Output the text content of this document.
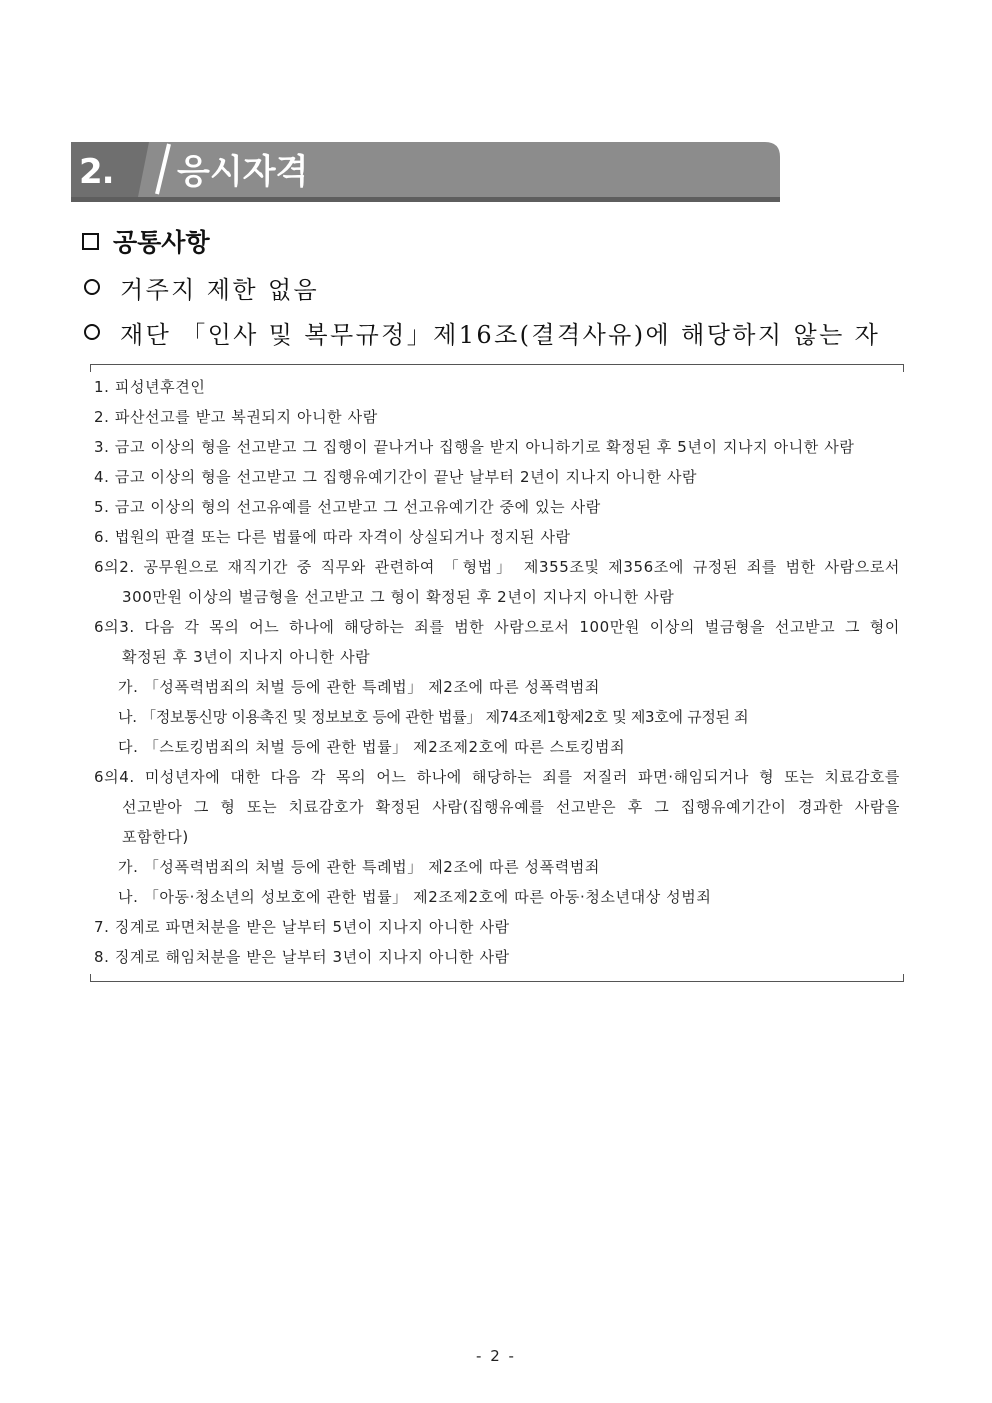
2. 응시자격
공통사항
거주지 제한 없음
재단 「인사 및 복무규정」제16조(결격사유)에 해당하지 않는 자
1. 피성년후견인
2. 파산선고를 받고 복권되지 아니한 사람
3. 금고 이상의 형을 선고받고 그 집행이 끝나거나 집행을 받지 아니하기로 확정된 후 5년이 지나지 아니한 사람
4. 금고 이상의 형을 선고받고 그 집행유예기간이 끝난 날부터 2년이 지나지 아니한 사람
5. 금고 이상의 형의 선고유예를 선고받고 그 선고유예기간 중에 있는 사람
6. 법원의 판결 또는 다른 법률에 따라 자격이 상실되거나 정지된 사람
6의2. 공무원으로 재직기간 중 직무와 관련하여 「형법」 제355조및 제356조에 규정된 죄를 범한 사람으로서
300만원 이상의 벌금형을 선고받고 그 형이 확정된 후 2년이 지나지 아니한 사람
6의3. 다음 각 목의 어느 하나에 해당하는 죄를 범한 사람으로서 100만원 이상의 벌금형을 선고받고 그 형이
확정된 후 3년이 지나지 아니한 사람
가. 「성폭력범죄의 처벌 등에 관한 특례법」 제2조에 따른 성폭력범죄
나. 「정보통신망 이용촉진 및 정보보호 등에 관한 법률」 제74조제1항제2호 및 제3호에 규정된 죄
다. 「스토킹범죄의 처벌 등에 관한 법률」 제2조제2호에 따른 스토킹범죄
6의4. 미성년자에 대한 다음 각 목의 어느 하나에 해당하는 죄를 저질러 파면·해임되거나 형 또는 치료감호를
선고받아 그 형 또는 치료감호가 확정된 사람(집행유예를 선고받은 후 그 집행유예기간이 경과한 사람을
포함한다)
가. 「성폭력범죄의 처벌 등에 관한 특례법」 제2조에 따른 성폭력범죄
나. 「아동·청소년의 성보호에 관한 법률」 제2조제2호에 따른 아동·청소년대상 성범죄
7. 징계로 파면처분을 받은 날부터 5년이 지나지 아니한 사람
8. 징계로 해임처분을 받은 날부터 3년이 지나지 아니한 사람
- 2 -
